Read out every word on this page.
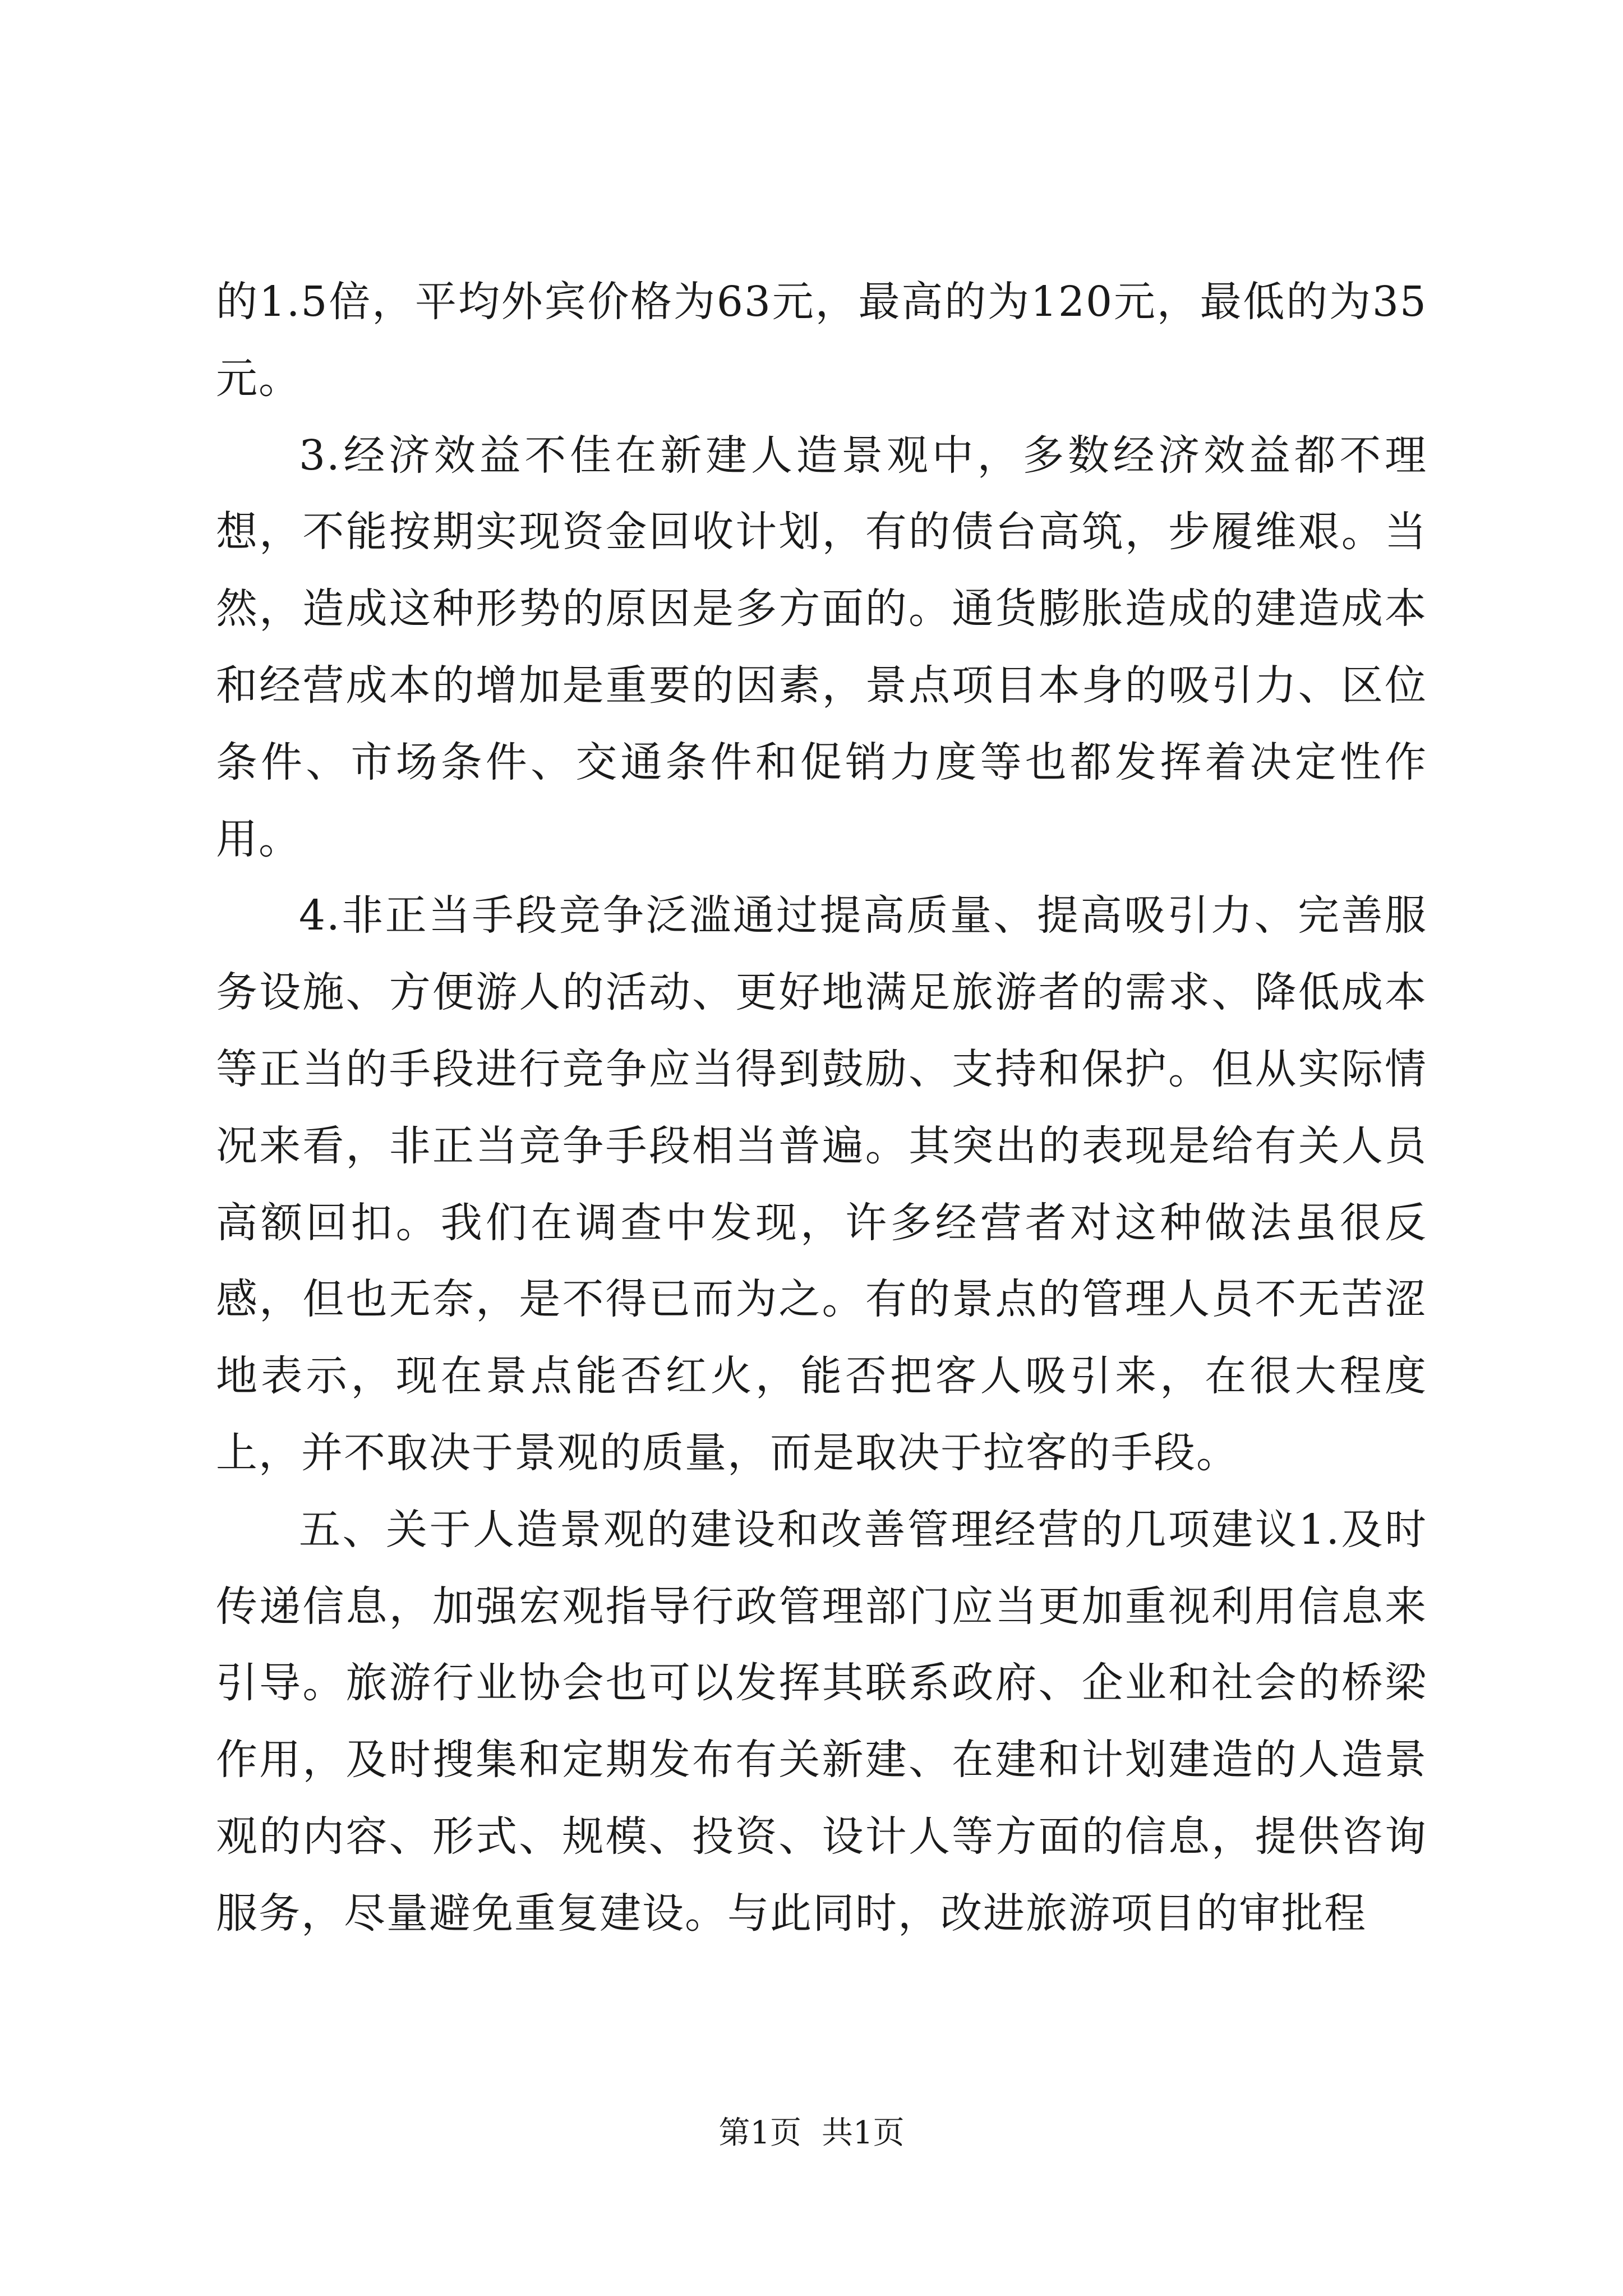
的1.5倍，平均外宾价格为63元，最高的为120元，最低的为35元。

3.经济效益不佳在新建人造景观中，多数经济效益都不理想，不能按期实现资金回收计划，有的债台高筑，步履维艰。当然，造成这种形势的原因是多方面的。通货膨胀造成的建造成本和经营成本的增加是重要的因素，景点项目本身的吸引力、区位条件、市场条件、交通条件和促销力度等也都发挥着决定性作用。

4.非正当手段竞争泛滥通过提高质量、提高吸引力、完善服务设施、方便游人的活动、更好地满足旅游者的需求、降低成本等正当的手段进行竞争应当得到鼓励、支持和保护。但从实际情况来看，非正当竞争手段相当普遍。其突出的表现是给有关人员高额回扣。我们在调查中发现，许多经营者对这种做法虽很反感，但也无奈，是不得已而为之。有的景点的管理人员不无苦涩地表示，现在景点能否红火，能否把客人吸引来，在很大程度上，并不取决于景观的质量，而是取决于拉客的手段。

五、关于人造景观的建设和改善管理经营的几项建议1.及时传递信息，加强宏观指导行政管理部门应当更加重视利用信息来引导。旅游行业协会也可以发挥其联系政府、企业和社会的桥梁作用，及时搜集和定期发布有关新建、在建和计划建造的人造景观的内容、形式、规模、投资、设计人等方面的信息，提供咨询服务，尽量避免重复建设。与此同时，改进旅游项目的审批程

第1页 共1页
